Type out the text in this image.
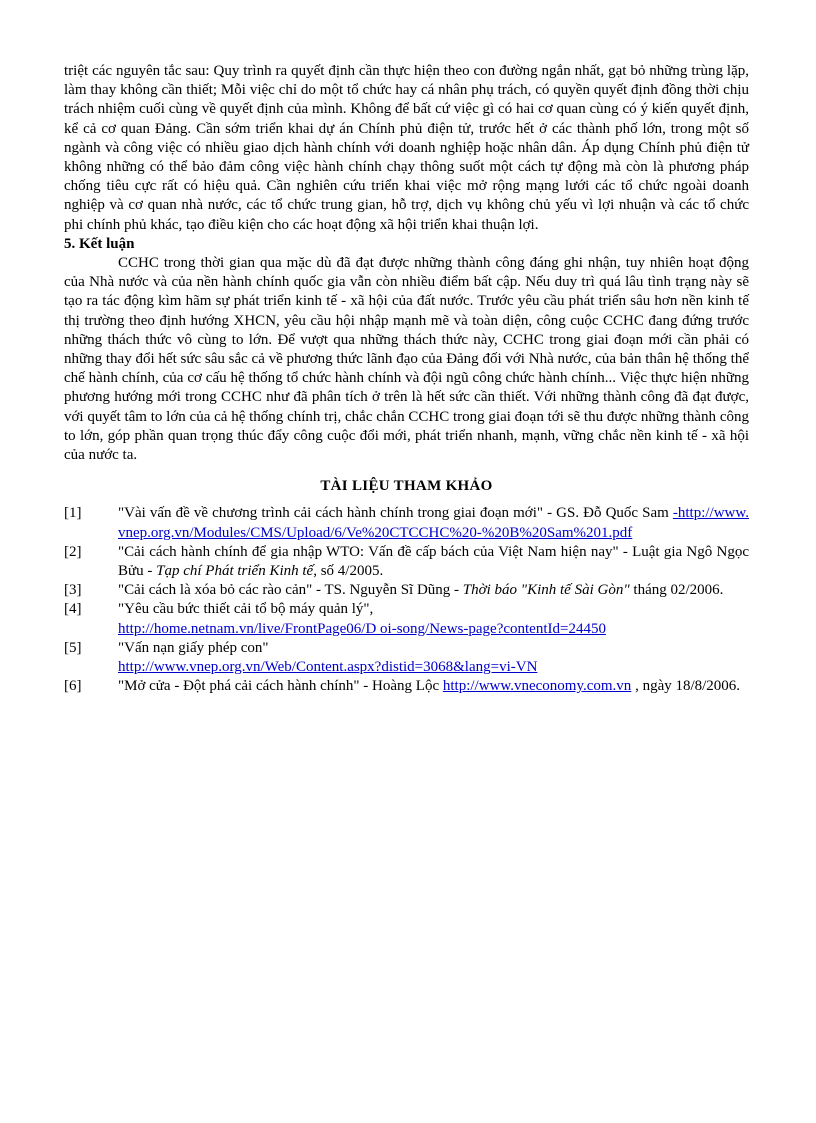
triệt các nguyên tắc sau: Quy trình ra quyết định cần thực hiện theo con đường ngắn nhất, gạt bỏ những trùng lặp, làm thay không cần thiết; Mỗi việc chỉ do một tổ chức hay cá nhân phụ trách, có quyền quyết định đồng thời chịu trách nhiệm cuối cùng về quyết định của mình. Không để bất cứ việc gì có hai cơ quan cùng có ý kiến quyết định, kể cả cơ quan Đảng. Cần sớm triển khai dự án Chính phủ điện tử, trước hết ở các thành phố lớn, trong một số ngành và công việc có nhiều giao dịch hành chính với doanh nghiệp hoặc nhân dân. Áp dụng Chính phủ điện tử không những có thể bảo đảm công việc hành chính chạy thông suốt một cách tự động mà còn là phương pháp chống tiêu cực rất có hiệu quả. Cần nghiên cứu triển khai việc mở rộng mạng lưới các tổ chức ngoài doanh nghiệp và cơ quan nhà nước, các tổ chức trung gian, hỗ trợ, dịch vụ không chủ yếu vì lợi nhuận và các tổ chức phi chính phủ khác, tạo điều kiện cho các hoạt động xã hội triển khai thuận lợi.

5. Kết luận

CCHC trong thời gian qua mặc dù đã đạt được những thành công đáng ghi nhận, tuy nhiên hoạt động của Nhà nước và của nền hành chính quốc gia vẫn còn nhiều điểm bất cập. Nếu duy trì quá lâu tình trạng này sẽ tạo ra tác động kìm hãm sự phát triển kinh tế - xã hội của đất nước. Trước yêu cầu phát triển sâu hơn nền kinh tế thị trường theo định hướng XHCN, yêu cầu hội nhập mạnh mẽ và toàn diện, công cuộc CCHC đang đứng trước những thách thức vô cùng to lớn. Để vượt qua những thách thức này, CCHC trong giai đoạn mới cần phải có những thay đổi hết sức sâu sắc cả về phương thức lãnh đạo của Đảng đối với Nhà nước, của bản thân hệ thống thể chế hành chính, của cơ cấu hệ thống tổ chức hành chính và đội ngũ công chức hành chính... Việc thực hiện những phương hướng mới trong CCHC như đã phân tích ở trên là hết sức cần thiết. Với những thành công đã đạt được, với quyết tâm to lớn của cả hệ thống chính trị, chắc chắn CCHC trong giai đoạn tới sẽ thu được những thành công to lớn, góp phần quan trọng thúc đẩy công cuộc đổi mới, phát triển nhanh, mạnh, vững chắc nền kinh tế - xã hội của nước ta.

TÀI LIỆU THAM KHẢO

[1]	"Vài vấn đề về chương trình cải cách hành chính trong giai đoạn mới" - GS. Đỗ Quốc Sam -http://www.vnep.org.vn/Modules/CMS/Upload/6/Ve%20CTCCHC%20-%20B%20Sam%201.pdf
[2]	"Cải cách hành chính để gia nhập WTO: Vấn đề cấp bách của Việt Nam hiện nay" - Luật gia Ngô Ngọc Bửu - Tạp chí Phát triển Kinh tế, số 4/2005.
[3]	"Cải cách là xóa bỏ các rào cản" - TS. Nguyễn Sĩ Dũng - Thời báo "Kinh tế Sài Gòn" tháng 02/2006.
[4]	"Yêu cầu bức thiết cải tổ bộ máy quản lý",
http://home.netnam.vn/live/FrontPage06/D oi-song/News-page?contentId=24450
[5]	"Vấn nạn giấy phép con"
http://www.vnep.org.vn/Web/Content.aspx?distid=3068&lang=vi-VN
[6]	"Mở cửa - Đột phá cải cách hành chính" - Hoàng Lộc http://www.vneconomy.com.vn , ngày 18/8/2006.
